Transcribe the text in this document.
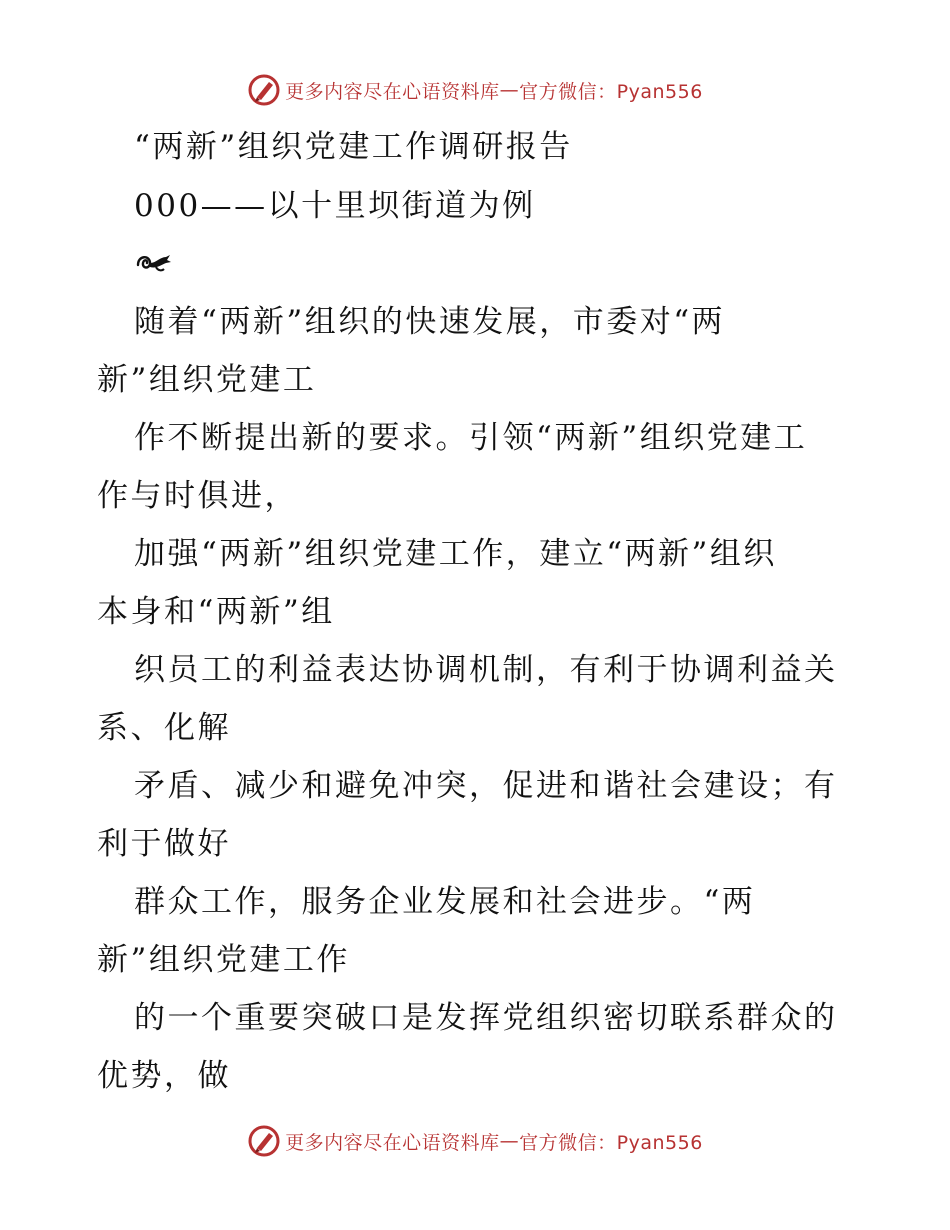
更多内容尽在心语资料库 — 官方微信：Pyan556
“两新”组织党建工作调研报告
000——以十里坝街道为例
随着“两新”组织的快速发展，市委对“两
新”组织党建工
作不断提出新的要求。引领“两新”组织党建工
作与时俱进，
加强“两新”组织党建工作，建立“两新”组织
本身和“两新”组
织员工的利益表达协调机制，有利于协调利益关
系、化解
矛盾、减少和避免冲突，促进和谐社会建设；有
利于做好
群众工作，服务企业发展和社会进步。“两
新”组织党建工作
的一个重要突破口是发挥党组织密切联系群众的
优势，做
更多内容尽在心语资料库 — 官方微信：Pyan556
